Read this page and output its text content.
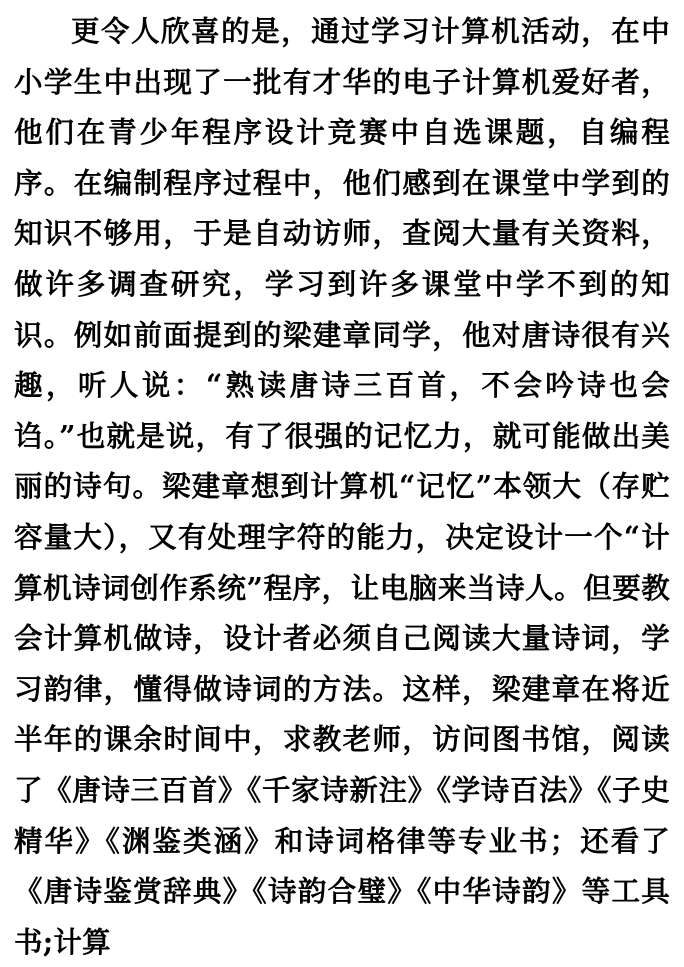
更令人欣喜的是，通过学习计算机活动，在中小学生中出现了一批有才华的电子计算机爱好者，他们在青少年程序设计竞赛中自选课题，自编程序。在编制程序过程中，他们感到在课堂中学到的知识不够用，于是自动访师，查阅大量有关资料，做许多调查研究，学习到许多课堂中学不到的知识。例如前面提到的梁建章同学，他对唐诗很有兴趣，听人说：“熟读唐诗三百首，不会吟诗也会诌。”也就是说，有了很强的记忆力，就可能做出美丽的诗句。梁建章想到计算机“记忆”本领大（存贮容量大），又有处理字符的能力，决定设计一个“计算机诗词创作系统”程序，让电脑来当诗人。但要教会计算机做诗，设计者必须自己阅读大量诗词，学习韵律，懂得做诗词的方法。这样，梁建章在将近半年的课余时间中，求教老师，访问图书馆，阅读了《唐诗三百首》《千家诗新注》《学诗百法》《子史精华》《渊鉴类涵》和诗词格律等专业书；还看了《唐诗鉴赏辞典》《诗韵合璧》《中华诗韵》等工具书;计算
